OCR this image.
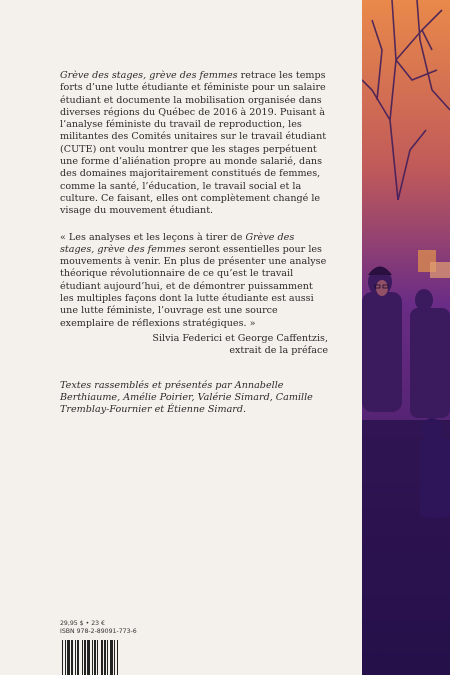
Grève des stages, grève des femmes retrace les temps forts d’une lutte étudiante et féministe pour un salaire étudiant et documente la mobilisation organisée dans diverses régions du Québec de 2016 à 2019. Puisant à l’analyse féministe du travail de reproduction, les militantes des Comités unitaires sur le travail étudiant (CUTE) ont voulu montrer que les stages perpétuent une forme d’aliénation propre au monde salarié, dans des domaines majoritairement constitués de femmes, comme la santé, l’éducation, le travail social et la culture. Ce faisant, elles ont complètement changé le visage du mouvement étudiant.

« Les analyses et les leçons à tirer de Grève des stages, grève des femmes seront essentielles pour les mouvements à venir. En plus de présenter une analyse théorique révolutionnaire de ce qu’est le travail étudiant aujourd’hui, et de démontrer puissamment les multiples façons dont la lutte étudiante est aussi une lutte féministe, l’ouvrage est une source exemplaire de réflexions stratégiques. »

Silvia Federici et George Caffentzis,
extrait de la préface

Textes rassemblés et présentés par Annabelle Berthiaume, Amélie Poirier, Valérie Simard, Camille Tremblay-Fournier et Étienne Simard.

29,95 $ • 23 €
ISBN 978-2-89091-773-6
